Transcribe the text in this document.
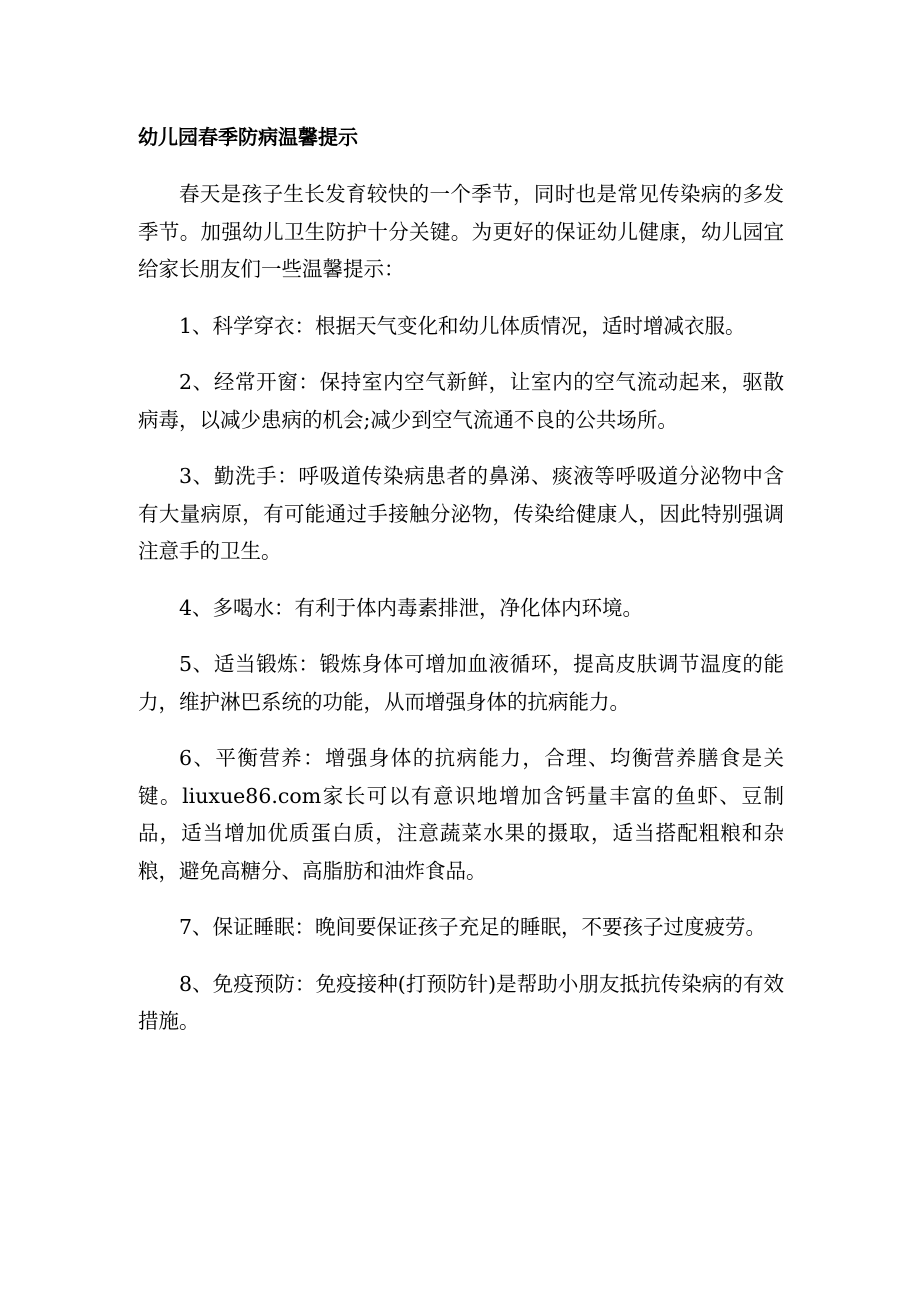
幼儿园春季防病温馨提示

春天是孩子生长发育较快的一个季节，同时也是常见传染病的多发季节。加强幼儿卫生防护十分关键。为更好的保证幼儿健康，幼儿园宜给家长朋友们一些温馨提示：

1、科学穿衣：根据天气变化和幼儿体质情况，适时增减衣服。

2、经常开窗：保持室内空气新鲜，让室内的空气流动起来，驱散病毒，以减少患病的机会;减少到空气流通不良的公共场所。

3、勤洗手：呼吸道传染病患者的鼻涕、痰液等呼吸道分泌物中含有大量病原，有可能通过手接触分泌物，传染给健康人，因此特别强调注意手的卫生。

4、多喝水：有利于体内毒素排泄，净化体内环境。

5、适当锻炼：锻炼身体可增加血液循环，提高皮肤调节温度的能力，维护淋巴系统的功能，从而增强身体的抗病能力。

6、平衡营养：增强身体的抗病能力，合理、均衡营养膳食是关键。liuxue86.com家长可以有意识地增加含钙量丰富的鱼虾、豆制品，适当增加优质蛋白质，注意蔬菜水果的摄取，适当搭配粗粮和杂粮，避免高糖分、高脂肪和油炸食品。

7、保证睡眠：晚间要保证孩子充足的睡眠，不要孩子过度疲劳。

8、免疫预防：免疫接种(打预防针)是帮助小朋友抵抗传染病的有效措施。
